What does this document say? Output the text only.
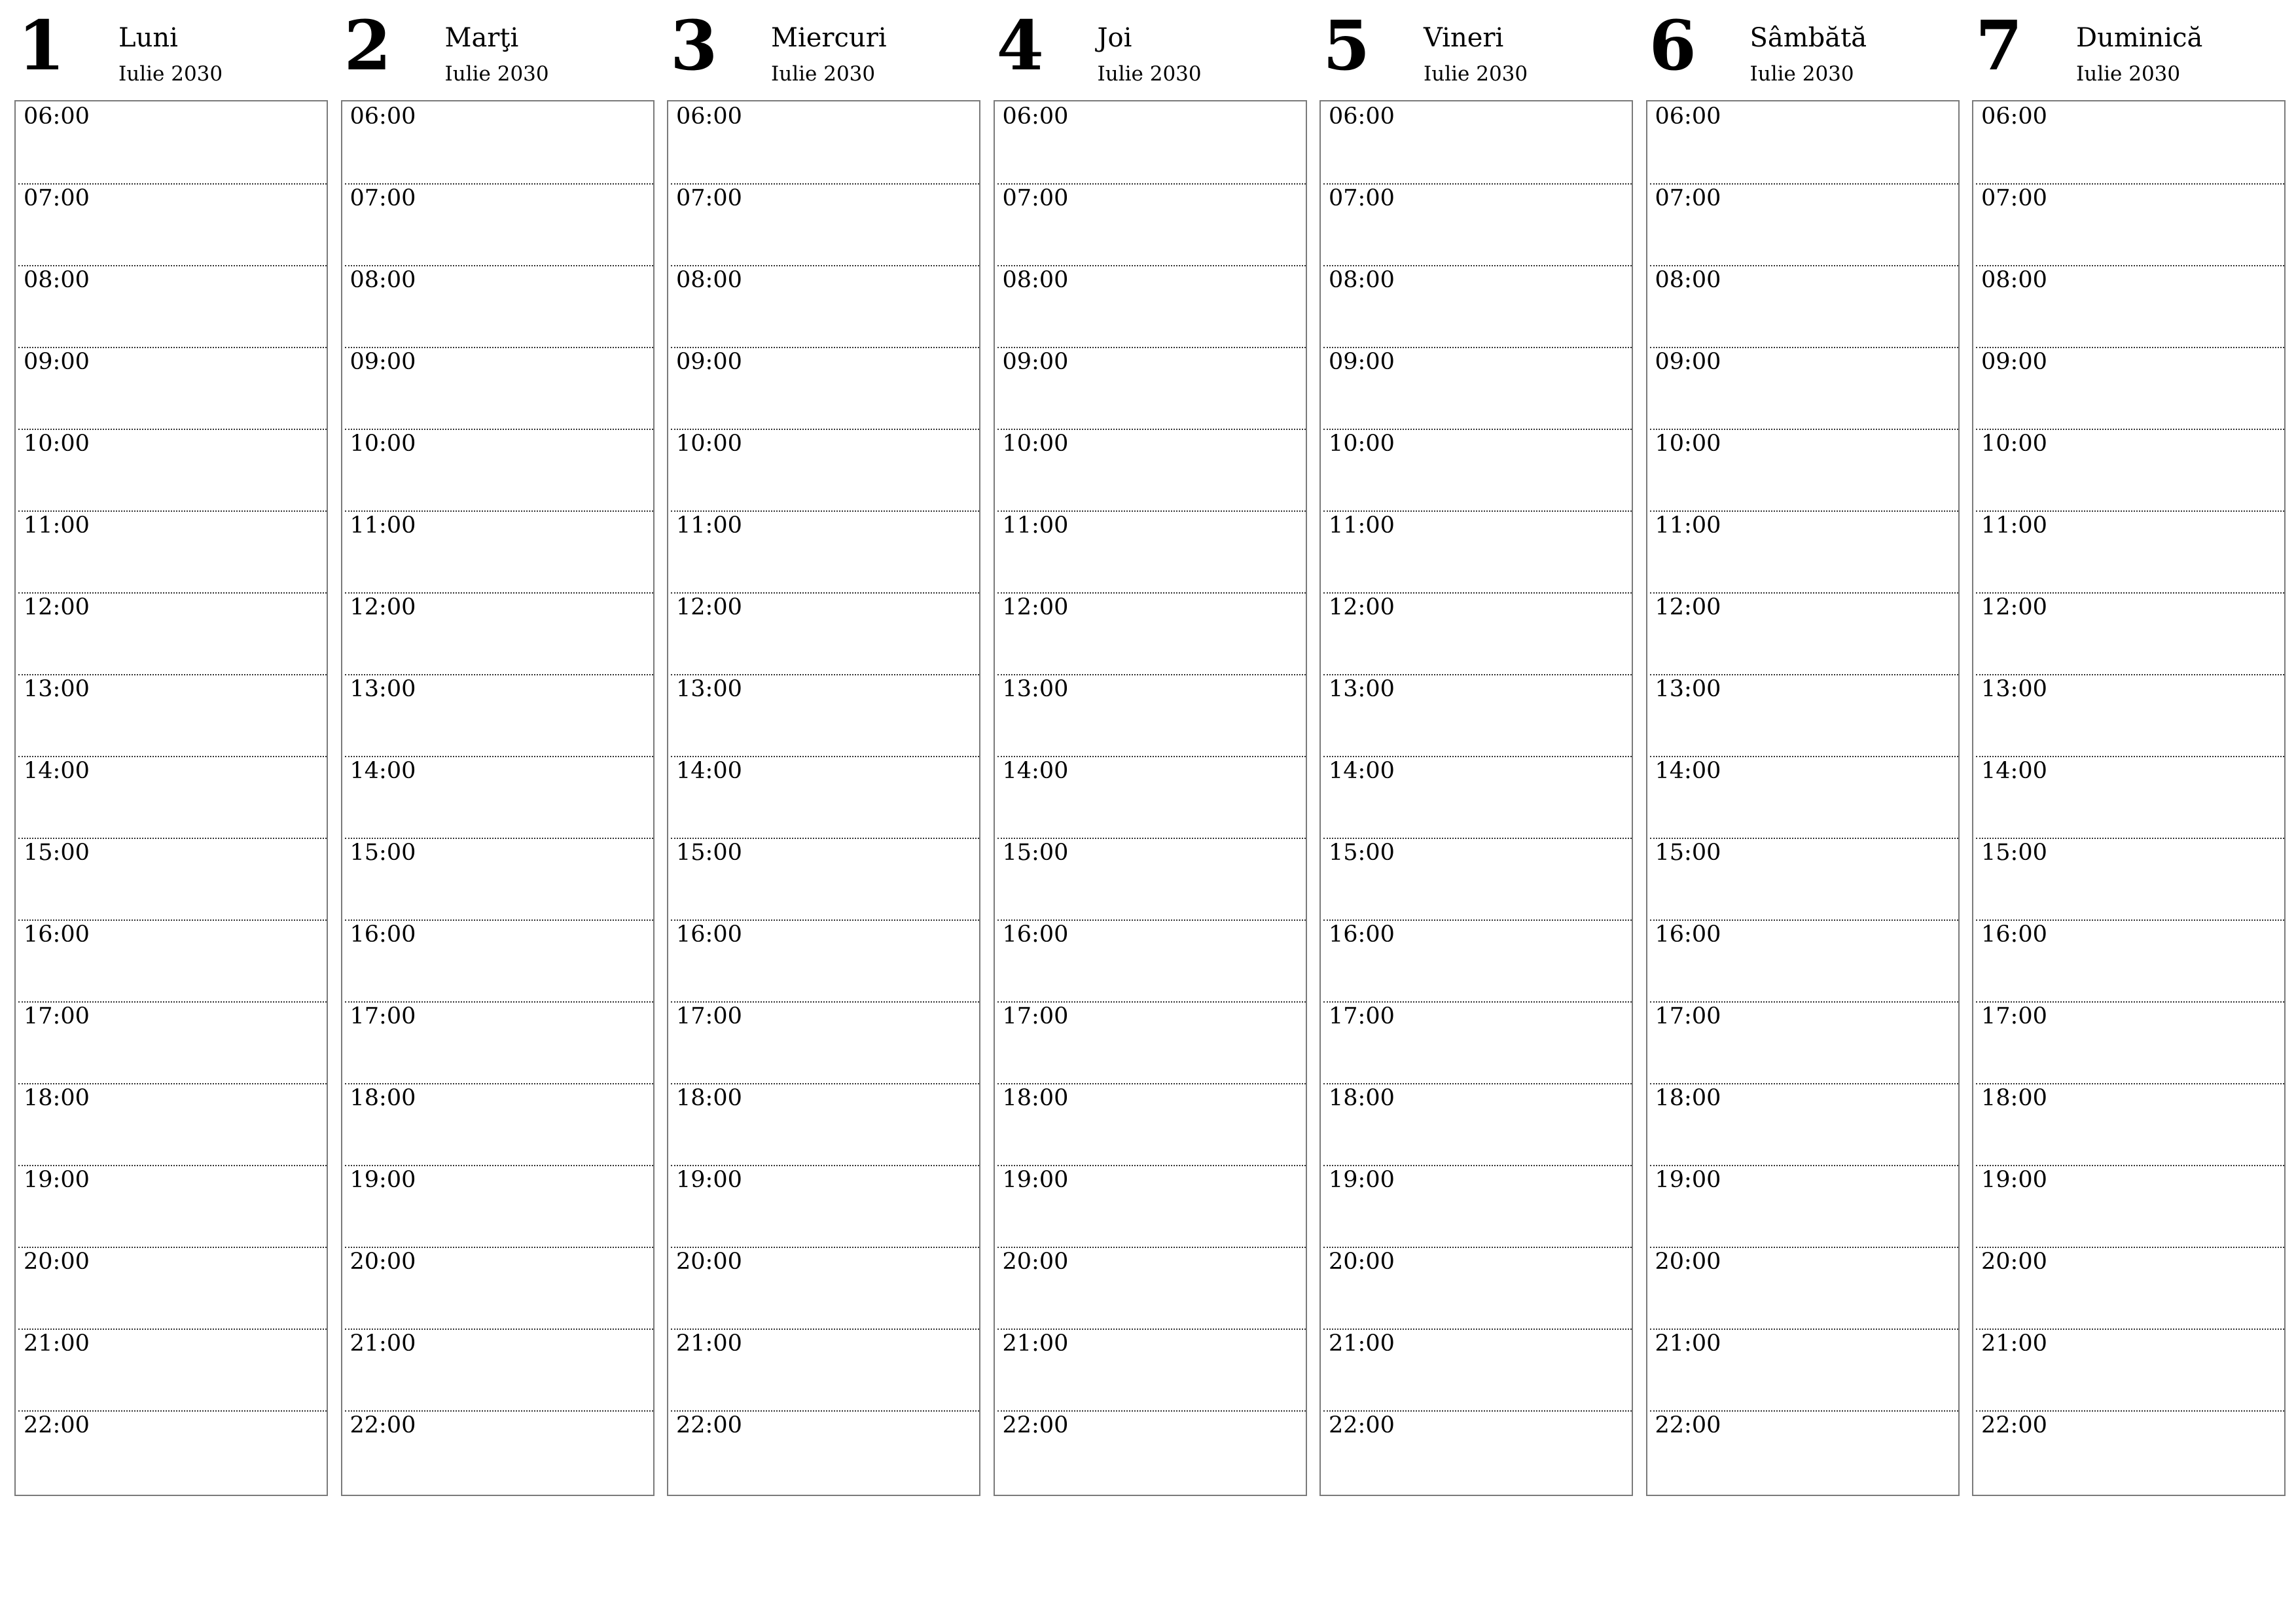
1 Luni
Iulie 2030
06:00
07:00
08:00
09:00
10:00
11:00
12:00
13:00
14:00
15:00
16:00
17:00
18:00
19:00
20:00
21:00
22:00
2 Marţi
Iulie 2030
06:00
07:00
08:00
09:00
10:00
11:00
12:00
13:00
14:00
15:00
16:00
17:00
18:00
19:00
20:00
21:00
22:00
3 Miercuri
Iulie 2030
06:00
07:00
08:00
09:00
10:00
11:00
12:00
13:00
14:00
15:00
16:00
17:00
18:00
19:00
20:00
21:00
22:00
4 Joi
Iulie 2030
06:00
07:00
08:00
09:00
10:00
11:00
12:00
13:00
14:00
15:00
16:00
17:00
18:00
19:00
20:00
21:00
22:00
5 Vineri
Iulie 2030
06:00
07:00
08:00
09:00
10:00
11:00
12:00
13:00
14:00
15:00
16:00
17:00
18:00
19:00
20:00
21:00
22:00
6 Sâmbătă
Iulie 2030
06:00
07:00
08:00
09:00
10:00
11:00
12:00
13:00
14:00
15:00
16:00
17:00
18:00
19:00
20:00
21:00
22:00
7 Duminică
Iulie 2030
06:00
07:00
08:00
09:00
10:00
11:00
12:00
13:00
14:00
15:00
16:00
17:00
18:00
19:00
20:00
21:00
22:00
